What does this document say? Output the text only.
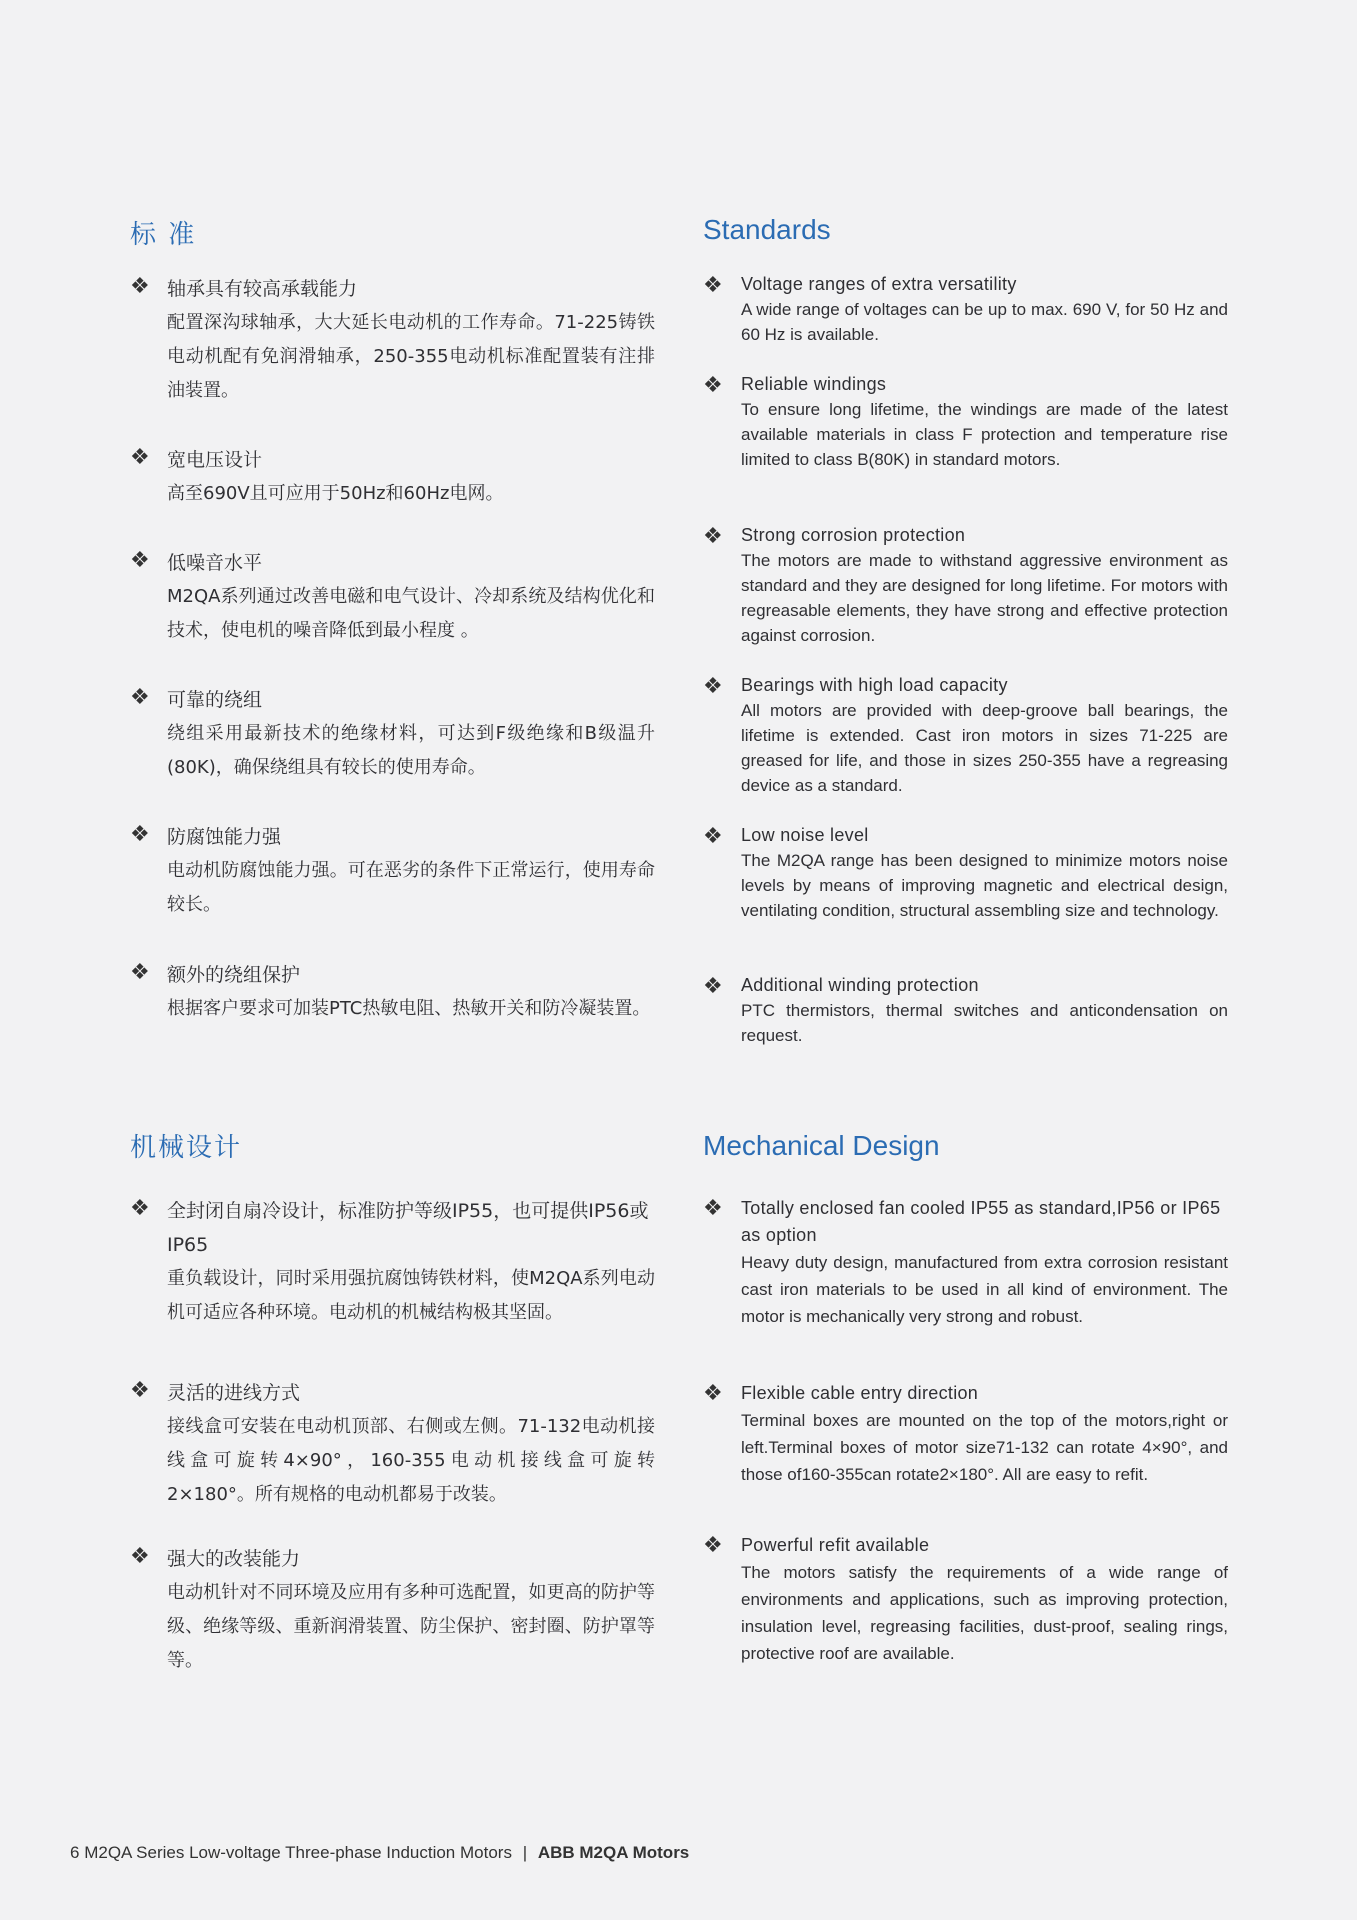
标 准
❖ 轴承具有较高承载能力
配置深沟球轴承，大大延长电动机的工作寿命。71-225铸铁电动机配有免润滑轴承，250-355电动机标准配置装有注排油装置。
❖ 宽电压设计
高至690V且可应用于50Hz和60Hz电网。
❖ 低噪音水平
M2QA系列通过改善电磁和电气设计、冷却系统及结构优化和技术，使电机的噪音降低到最小程度 。
❖ 可靠的绕组
绕组采用最新技术的绝缘材料，可达到F级绝缘和B级温升(80K)，确保绕组具有较长的使用寿命。
❖ 防腐蚀能力强
电动机防腐蚀能力强。可在恶劣的条件下正常运行，使用寿命较长。
❖ 额外的绕组保护
根据客户要求可加装PTC热敏电阻、热敏开关和防冷凝装置。
机械设计
❖ 全封闭自扇冷设计，标准防护等级IP55，也可提供IP56或IP65
重负载设计，同时采用强抗腐蚀铸铁材料，使M2QA系列电动机可适应各种环境。电动机的机械结构极其坚固。
❖ 灵活的进线方式
接线盒可安装在电动机顶部、右侧或左侧。71-132电动机接线盒可旋转4×90°，160-355电动机接线盒可旋转2×180°。所有规格的电动机都易于改装。
❖ 强大的改装能力
电动机针对不同环境及应用有多种可选配置，如更高的防护等级、绝缘等级、重新润滑装置、防尘保护、密封圈、防护罩等等。
Standards
❖ Voltage ranges of extra versatility
A wide range of voltages can be up to max. 690 V, for 50 Hz and 60 Hz is available.
❖ Reliable windings
To ensure long lifetime, the windings are made of the latest available materials in class F protection and temperature rise limited to class B(80K) in standard motors.
❖ Strong corrosion protection
The motors are made to withstand aggressive environment as standard and they are designed for long lifetime. For motors with regreasable elements, they have strong and effective protection against corrosion.
❖ Bearings with high load capacity
All motors are provided with deep-groove ball bearings, the lifetime is extended. Cast iron motors in sizes 71-225 are greased for life, and those in sizes 250-355 have a regreasing device as a standard.
❖ Low noise level
The M2QA range has been designed to minimize motors noise levels by means of improving magnetic and electrical design, ventilating condition, structural assembling size and technology.
❖ Additional winding protection
PTC thermistors, thermal switches and anticondensation on request.
Mechanical Design
❖ Totally enclosed fan cooled IP55 as standard,IP56 or IP65 as option
Heavy duty design, manufactured from extra corrosion resistant cast iron materials to be used in all kind of environment. The motor is mechanically very strong and robust.
❖ Flexible cable entry direction
Terminal boxes are mounted on the top of the motors,right or left.Terminal boxes of motor size71-132 can rotate 4×90°, and those of160-355can rotate2×180°. All are easy to refit.
❖ Powerful refit available
The motors satisfy the requirements of a wide range of environments and applications, such as improving protection, insulation level, regreasing facilities, dust-proof, sealing rings, protective roof are available.
6 M2QA Series Low-voltage Three-phase Induction Motors | ABB M2QA Motors
